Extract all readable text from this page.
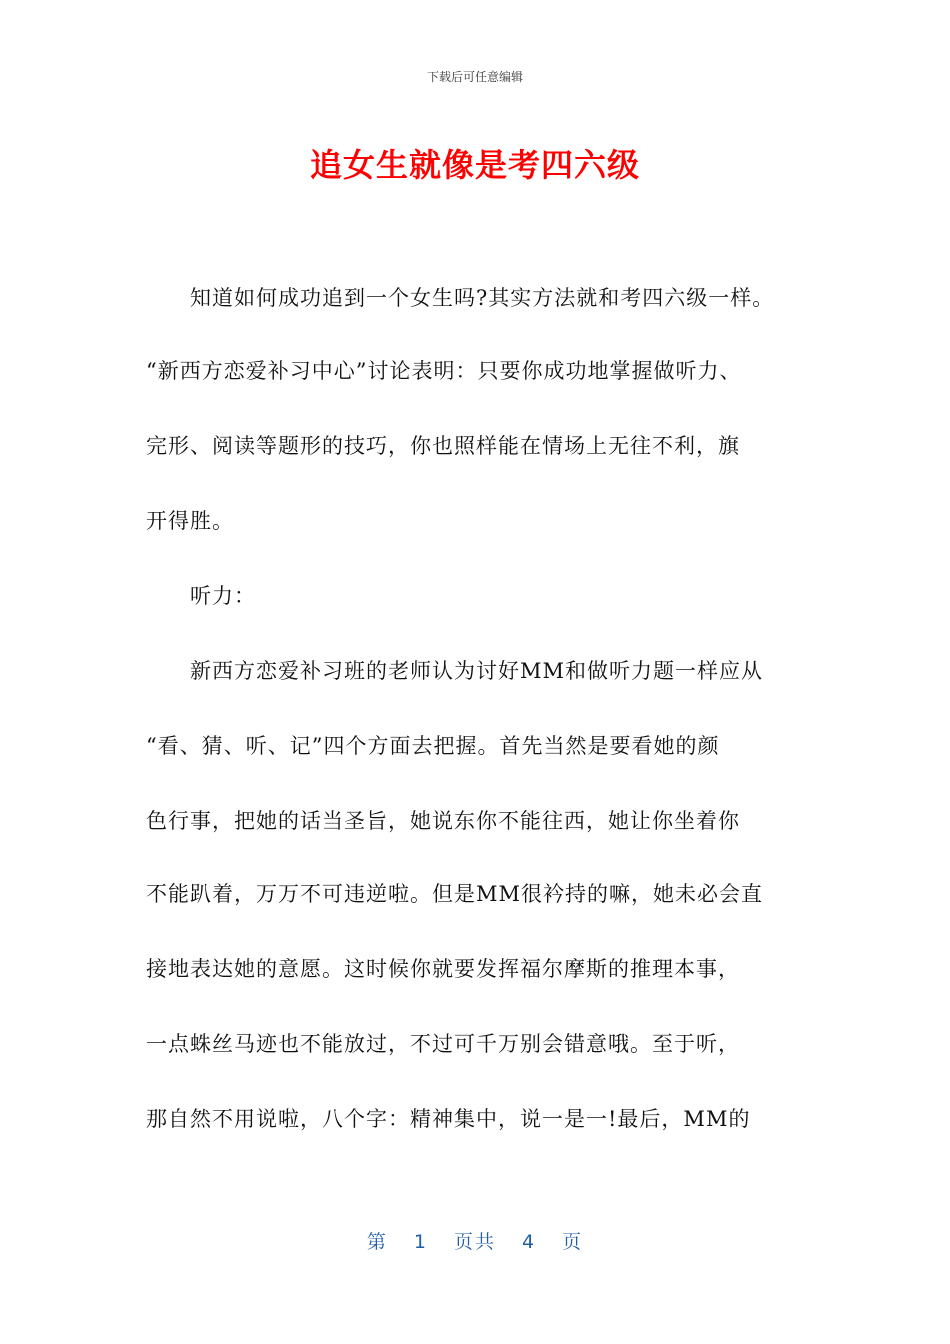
下载后可任意编辑
追女生就像是考四六级
　　知道如何成功追到一个女生吗?其实方法就和考四六级一样。
“新西方恋爱补习中心”讨论表明：只要你成功地掌握做听力、
完形、阅读等题形的技巧，你也照样能在情场上无往不利，旗
开得胜。
　　听力：
　　新西方恋爱补习班的老师认为讨好MM和做听力题一样应从
“看、猜、听、记”四个方面去把握。首先当然是要看她的颜
色行事，把她的话当圣旨，她说东你不能往西，她让你坐着你
不能趴着，万万不可违逆啦。但是MM很衿持的嘛，她未必会直
接地表达她的意愿。这时候你就要发挥福尔摩斯的推理本事，
一点蛛丝马迹也不能放过，不过可千万别会错意哦。至于听，
那自然不用说啦，八个字：精神集中，说一是一!最后，MM的
第 1 页共 4 页
